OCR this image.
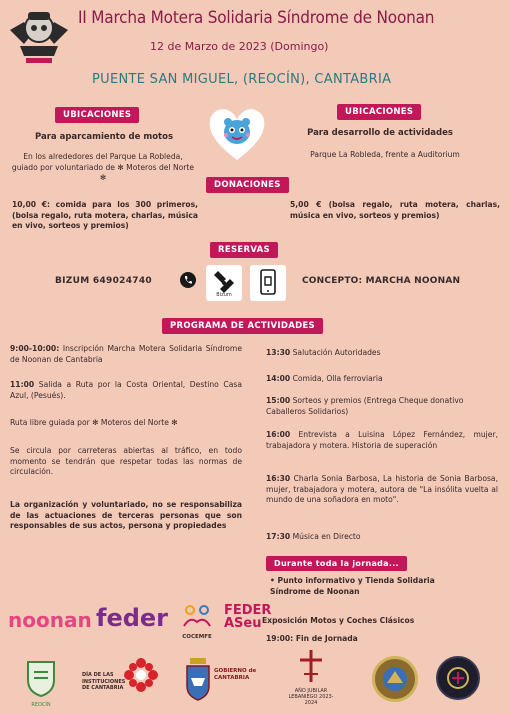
II Marcha Motera Solidaria Síndrome de Noonan
12 de Marzo de 2023 (Domingo)
PUENTE SAN MIGUEL, (REOCÍN), CANTABRIA
UBICACIONES
Para aparcamiento de motos
En los alrededores del Parque La Robleda, guiado por voluntariado de ✻ Moteros del Norte ✻
UBICACIONES
Para desarrollo de actividades
Parque La Robleda, frente a Auditorium
DONACIONES
10,00 €: comida para los 300 primeros, (bolsa regalo, ruta motera, charlas, música en vivo, sorteos y premios)
5,00 € (bolsa regalo, ruta motera, charlas, música en vivo, sorteos y premios)
RESERVAS
BIZUM 649024740
Bizum
CONCEPTO: MARCHA NOONAN
PROGRAMA DE ACTIVIDADES
9:00-10:00: Inscripción Marcha Motera Solidaria Síndrome de Noonan de Cantabria
11:00 Salida a Ruta por la Costa Oriental, Destino Casa Azul, (Pesués).
Ruta libre guiada por ✻ Moteros del Norte ✻
Se circula por carreteras abiertas al tráfico, en todo momento se tendrán que respetar todas las normas de circulación.
La organización y voluntariado, no se responsabiliza de las actuaciones de terceras personas que son responsables de sus actos, persona y propiedades
13:30 Salutación Autoridades
14:00 Comida, Olla ferroviaria
15:00 Sorteos y premios (Entrega Cheque donativo Caballeros Solidarios)
16:00 Entrevista a Luisina López Fernández, mujer, trabajadora y motera. Historia de superación
16:30 Charla Sonia Barbosa, La historia de Sonia Barbosa, mujer, trabajadora y motera, autora de "La insólita vuelta al mundo de una soñadora en moto".
17:30 Música en Directo
Durante toda la jornada...
• Punto informativo y Tienda Solidaria Síndrome de Noonan
Exposición Motos y Coches Clásicos
19:00: Fin de Jornada
noonan feder
COCEMFE
FEDERASeu
REOCÍN
DÍA DE LAS INSTITUCIONES DE CANTABRIA
GOBIERNO de CANTABRIA
AÑO JUBILAR LEBANIEGO 2023-2024
